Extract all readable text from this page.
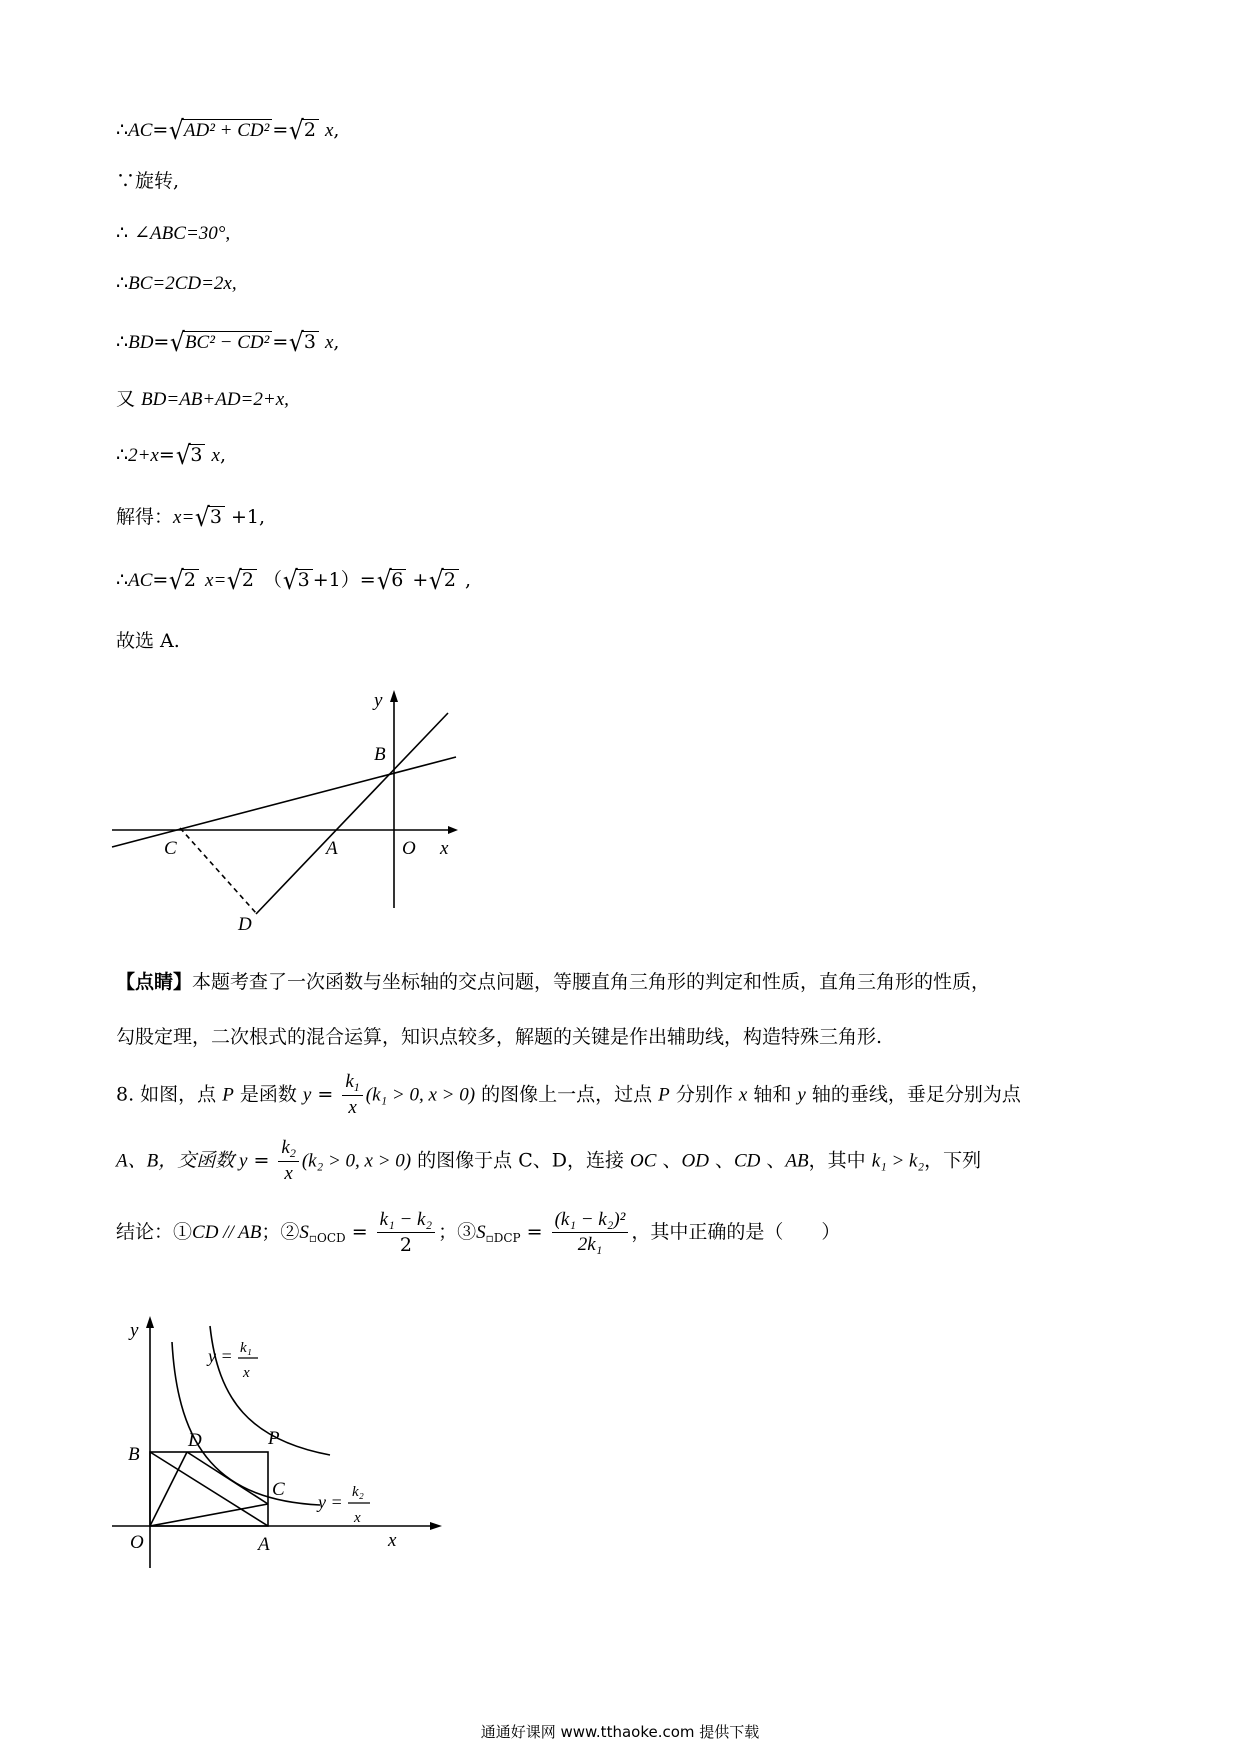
∴AC=√AD² + CD² =√2 x,
∵旋转,
∴ ∠ABC=30°,
∴BC=2CD=2x,
∴BD=√BC² − CD² =√3 x,
又 BD=AB+AD=2+x,
∴2+x=√3 x,
解得：x=√3 +1,
∴AC=√2 x=√2 （√3 +1）=√6 +√2 ,
故选 A.
y
B
C	A	O x
D
【点睛】本题考查了一次函数与坐标轴的交点问题，等腰直角三角形的判定和性质，直角三角形的性质，
勾股定理，二次根式的混合运算，知识点较多，解题的关键是作出辅助线，构造特殊三角形.
8. 如图，点 P 是函数 $y = \frac{k_1}{x} (k_1 > 0$, x > 0) 的图像上一点，过点 P 分别作 x 轴和 y 轴的垂线，垂足分别为点
A、B，交函数 $y = \frac{k_2}{x} (k_2 > 0$, x > 0) 的图像于点 C、D，连接 OC 、OD 、CD 、AB，其中 k₁ > k₂，下列
结论：①CD // AB；$②S_{▫OCD} = \frac{\text{k₁ − k₂}}{2}$ ；$③S_{▫DCP} = \frac{\text{(k₁ − k₂)²}}{\text{2k₁}}$ ，其中正确的是（　　）
y
y = k₁
x
D	P
B
C
y = k₂
x
O	A	x
通通好课网 www.tthaoke.com 提供下载
